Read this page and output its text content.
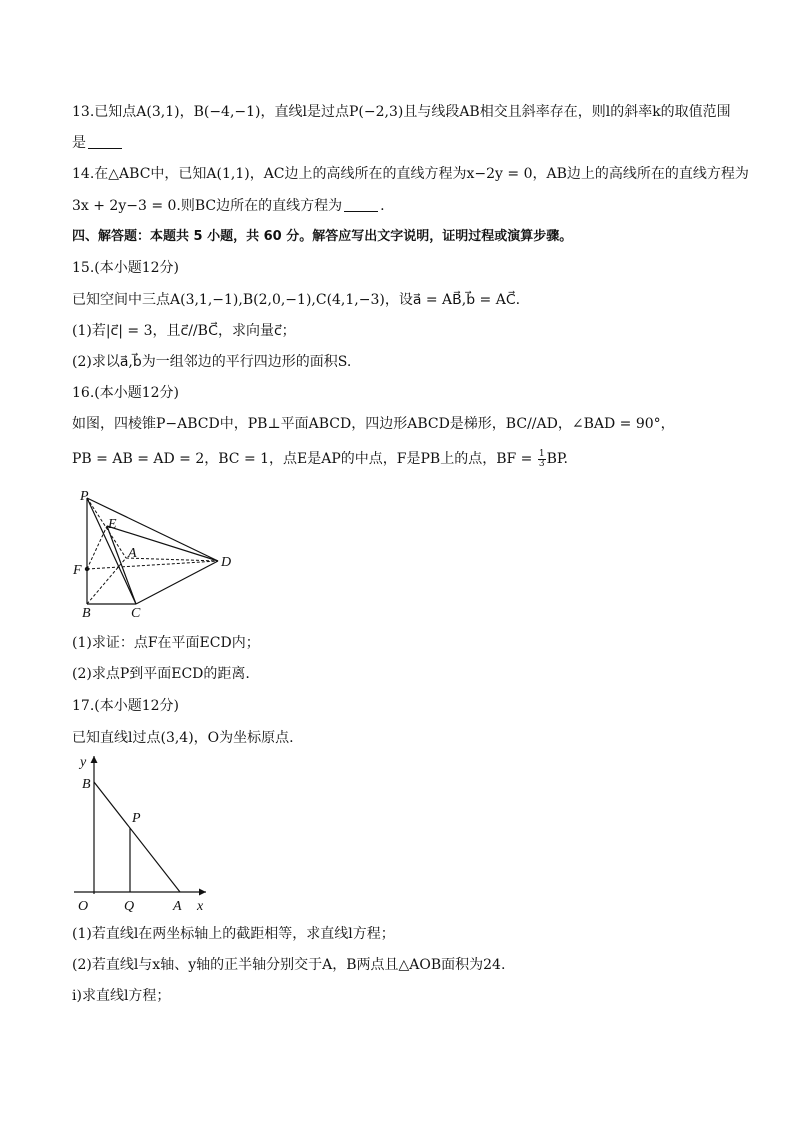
13.已知点A(3,1)，B(−4,−1)，直线l是过点P(−2,3)且与线段AB相交且斜率存在，则l的斜率k的取值范围
是
14.在△ABC中，已知A(1,1)，AC边上的高线所在的直线方程为x−2y = 0，AB边上的高线所在的直线方程为
3x + 2y−3 = 0.则BC边所在的直线方程为	.
四、解答题：本题共 5 小题，共 60 分。解答应写出文字说明，证明过程或演算步骤。
15.(本小题12分)
已知空间中三点A(3,1,−1),B(2,0,−1),C(4,1,−3)，设a⃗ = AB⃗,b⃗ = AC⃗.
(1)若|c⃗| = 3，且c⃗//BC⃗，求向量c⃗；
(2)求以a⃗,b⃗为一组邻边的平行四边形的面积S.
16.(本小题12分)
如图，四棱锥P−ABCD中，PB⊥平面ABCD，四边形ABCD是梯形，BC//AD，∠BAD = 90°，
PB = AB = AD = 2，BC = 1，点E是AP的中点，F是PB上的点，BF = $\frac{1}{3}$ BP.
P
E
A
D
F
B	C
(1)求证：点F在平面ECD内；
(2)求点P到平面ECD的距离.
17.(本小题12分)
已知直线l过点(3,4)，O为坐标原点.
y
B
P
O	Q	A x
(1)若直线l在两坐标轴上的截距相等，求直线l方程；
(2)若直线l与x轴、y轴的正半轴分别交于A，B两点且△AOB面积为24.
ⅰ)求直线l方程；
